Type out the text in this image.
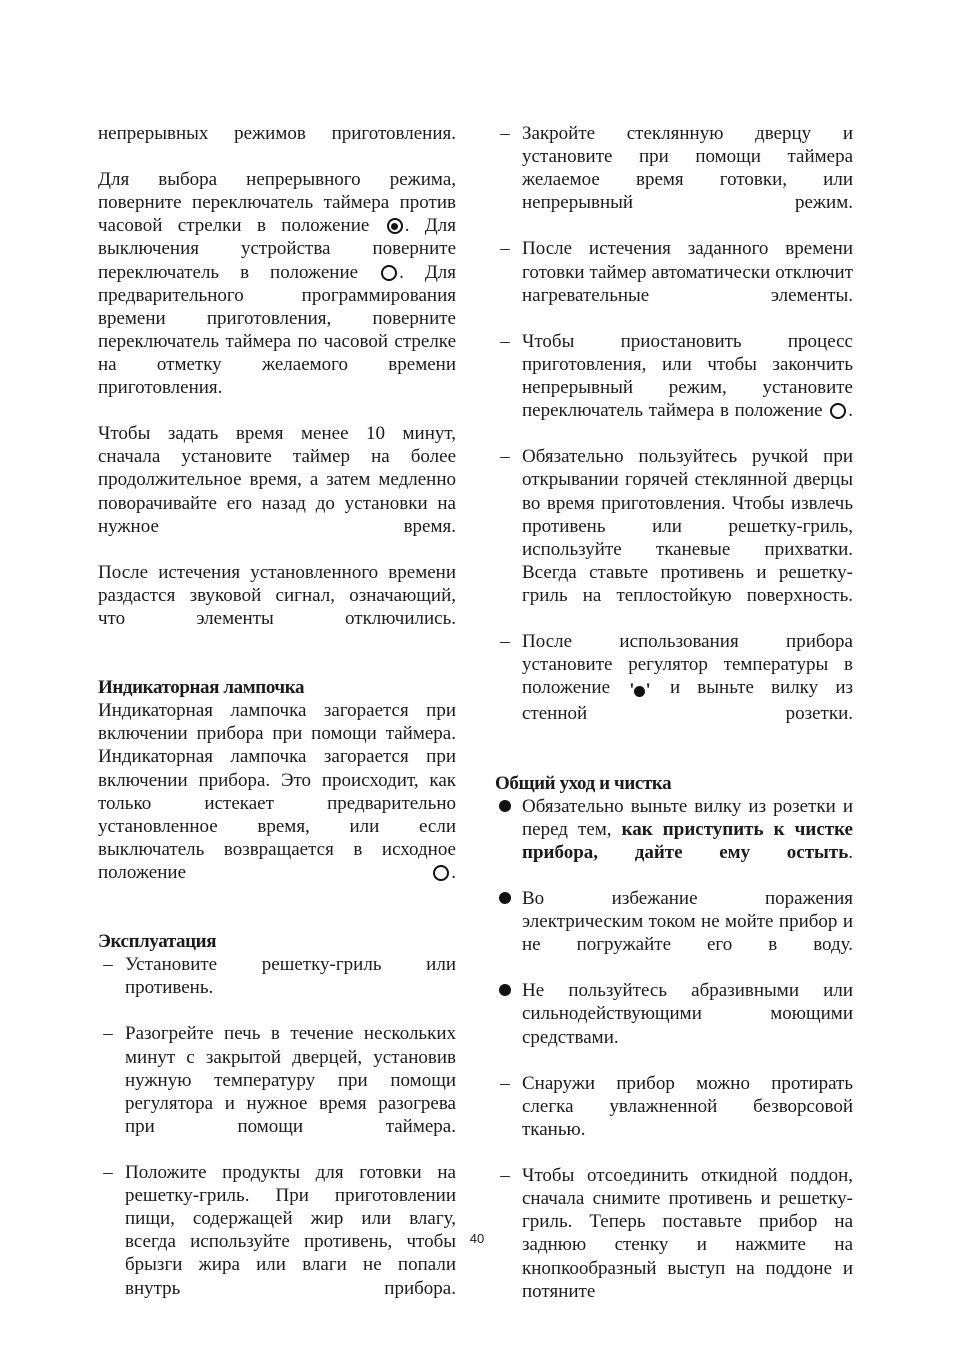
непрерывных режимов приготовления.
Для выбора непрерывного режима, поверните переключатель таймера против часовой стрелки в положение . Для выключения устройства поверните переключатель в положение . Для предварительного программирования времени приготовления, поверните переключатель таймера по часовой стрелке на отметку желаемого времени приготовления.
Чтобы задать время менее 10 минут, сначала установите таймер на более продолжительное время, а затем медленно поворачивайте его назад до установки на нужное время.
После истечения установленного времени раздастся звуковой сигнал, означающий, что элементы отключились.
Индикаторная лампочка
Индикаторная лампочка загорается при включении прибора при помощи таймера. Индикаторная лампочка загорается при включении прибора. Это происходит, как только истекает предварительно установленное время, или если выключатель возвращается в исходное положение	.
Эксплуатация
–
Установите решетку-гриль или противень.
–
Разогрейте печь в течение нескольких минут с закрытой дверцей, установив нужную температуру при помощи регулятора и нужное время разогрева при помощи таймера.
–
Положите продукты для готовки на решетку-гриль. При приготовлении пищи, содержащей жир или влагу, всегда используйте противень, чтобы брызги жира или влаги не попали внутрь прибора.
–
Закройте стеклянную дверцу и установите при помощи таймера желаемое время готовки, или непрерывный режим.
–
После истечения заданного времени готовки таймер автоматически отключит нагревательные элементы.
–
Чтобы приостановить процесс приготовления, или чтобы закончить непрерывный режим, установите переключатель таймера в положение .
–
Обязательно пользуйтесь ручкой при открывании горячей стеклянной дверцы во время приготовления. Чтобы извлечь противень или решетку-гриль, используйте тканевые прихватки. Всегда ставьте противень и решетку-гриль на теплостойкую поверхность.
–
После использования прибора установите регулятор температуры в положение ' ' и выньте вилку из стенной розетки.
Общий уход и чистка
Обязательно выньте вилку из розетки и перед тем, как приступить к чистке прибора, дайте ему остыть.
Во избежание поражения электрическим током не мойте прибор и не погружайте его в воду.
Не пользуйтесь абразивными или сильнодействующими моющими средствами.
–
Снаружи прибор можно протирать слегка увлажненной безворсовой тканью.
–
Чтобы отсоединить откидной поддон, сначала снимите противень и решетку-гриль. Теперь поставьте прибор на заднюю стенку и нажмите на кнопкообразный выступ на поддоне и потяните
40
